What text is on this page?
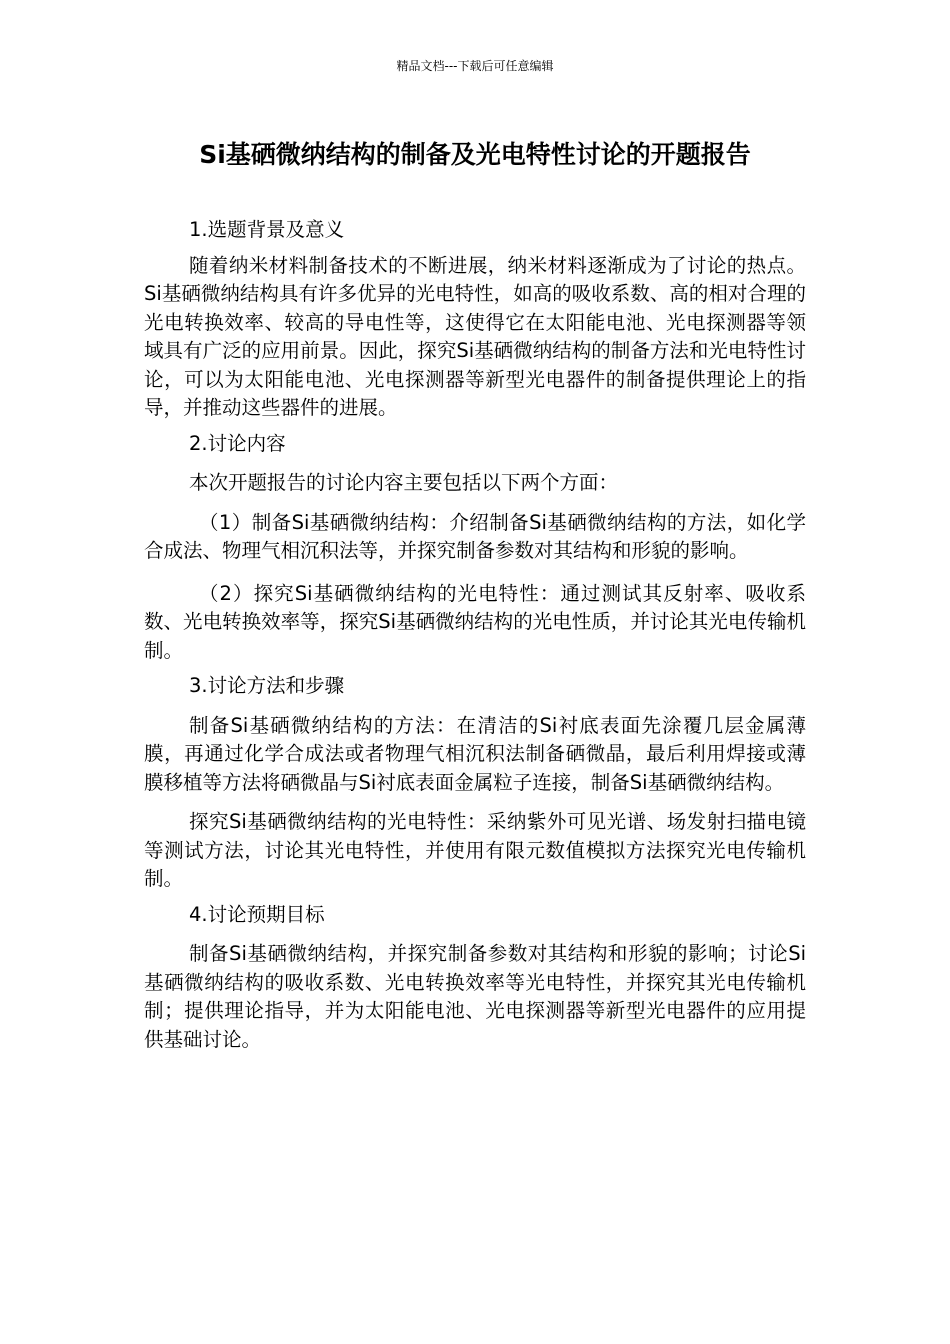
精品文档---下载后可任意编辑
Si基硒微纳结构的制备及光电特性讨论的开题报告

1.选题背景及意义

随着纳米材料制备技术的不断进展，纳米材料逐渐成为了讨论的热点。Si基硒微纳结构具有许多优异的光电特性，如高的吸收系数、高的相对合理的光电转换效率、较高的导电性等，这使得它在太阳能电池、光电探测器等领域具有广泛的应用前景。因此，探究Si基硒微纳结构的制备方法和光电特性讨论，可以为太阳能电池、光电探测器等新型光电器件的制备提供理论上的指导，并推动这些器件的进展。

2.讨论内容

本次开题报告的讨论内容主要包括以下两个方面：

（1）制备Si基硒微纳结构：介绍制备Si基硒微纳结构的方法，如化学合成法、物理气相沉积法等，并探究制备参数对其结构和形貌的影响。

（2）探究Si基硒微纳结构的光电特性：通过测试其反射率、吸收系数、光电转换效率等，探究Si基硒微纳结构的光电性质，并讨论其光电传输机制。

3.讨论方法和步骤

制备Si基硒微纳结构的方法：在清洁的Si衬底表面先涂覆几层金属薄膜，再通过化学合成法或者物理气相沉积法制备硒微晶，最后利用焊接或薄膜移植等方法将硒微晶与Si衬底表面金属粒子连接，制备Si基硒微纳结构。

探究Si基硒微纳结构的光电特性：采纳紫外可见光谱、场发射扫描电镜等测试方法，讨论其光电特性，并使用有限元数值模拟方法探究光电传输机制。

4.讨论预期目标

制备Si基硒微纳结构，并探究制备参数对其结构和形貌的影响；讨论Si基硒微纳结构的吸收系数、光电转换效率等光电特性，并探究其光电传输机制；提供理论指导，并为太阳能电池、光电探测器等新型光电器件的应用提供基础讨论。
